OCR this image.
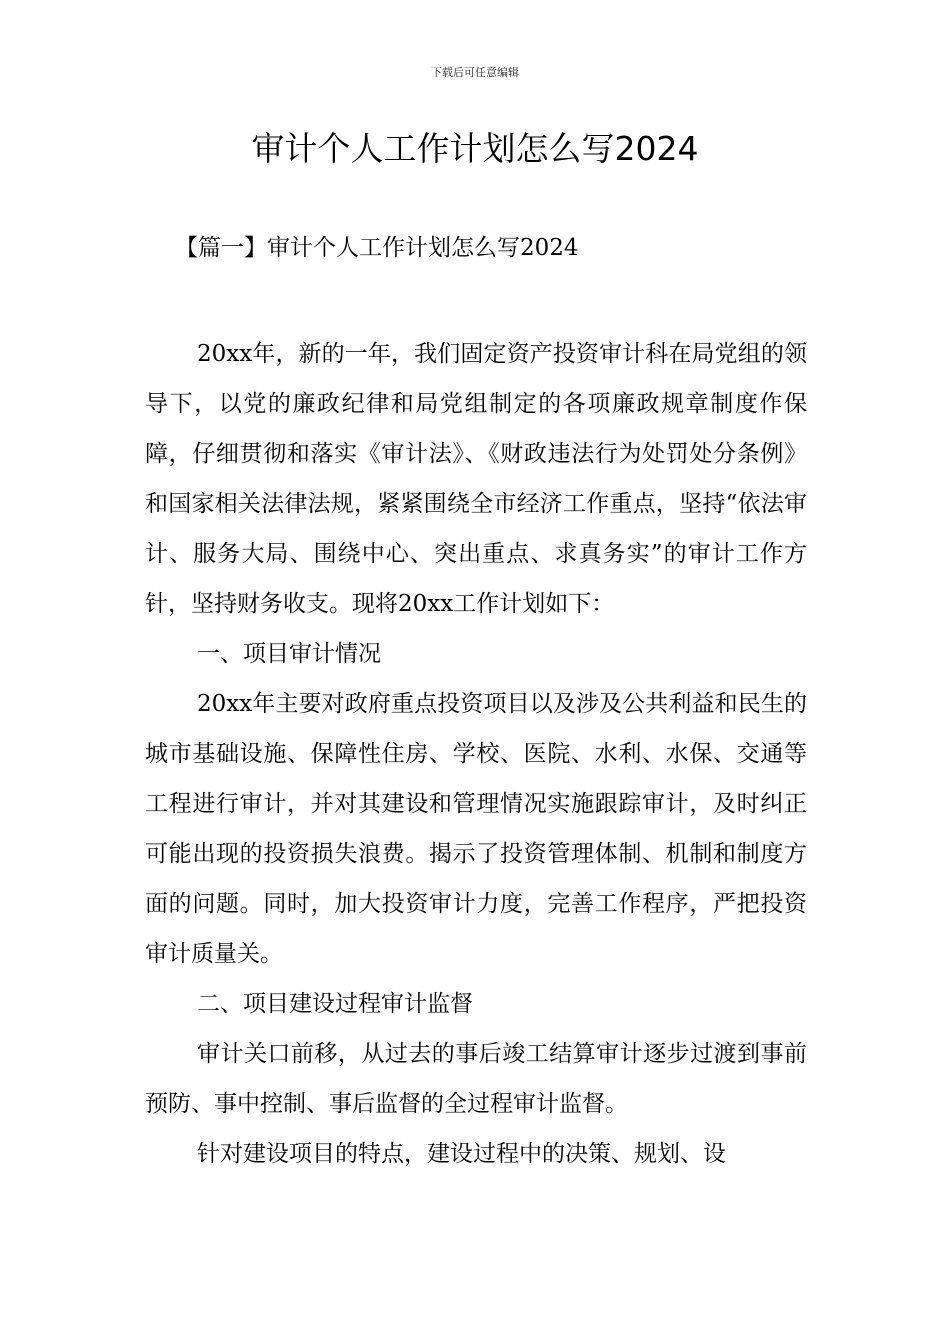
下载后可任意编辑
审计个人工作计划怎么写2024
【篇一】审计个人工作计划怎么写2024

20xx年，新的一年，我们固定资产投资审计科在局党组的领导下，以党的廉政纪律和局党组制定的各项廉政规章制度作保障，仔细贯彻和落实《审计法》、《财政违法行为处罚处分条例》和国家相关法律法规，紧紧围绕全市经济工作重点，坚持“依法审计、服务大局、围绕中心、突出重点、求真务实”的审计工作方针，坚持财务收支。现将20xx工作计划如下：

一、项目审计情况

20xx年主要对政府重点投资项目以及涉及公共利益和民生的城市基础设施、保障性住房、学校、医院、水利、水保、交通等工程进行审计，并对其建设和管理情况实施跟踪审计，及时纠正可能出现的投资损失浪费。揭示了投资管理体制、机制和制度方面的问题。同时，加大投资审计力度，完善工作程序，严把投资审计质量关。

二、项目建设过程审计监督

审计关口前移，从过去的事后竣工结算审计逐步过渡到事前预防、事中控制、事后监督的全过程审计监督。

针对建设项目的特点，建设过程中的决策、规划、设
